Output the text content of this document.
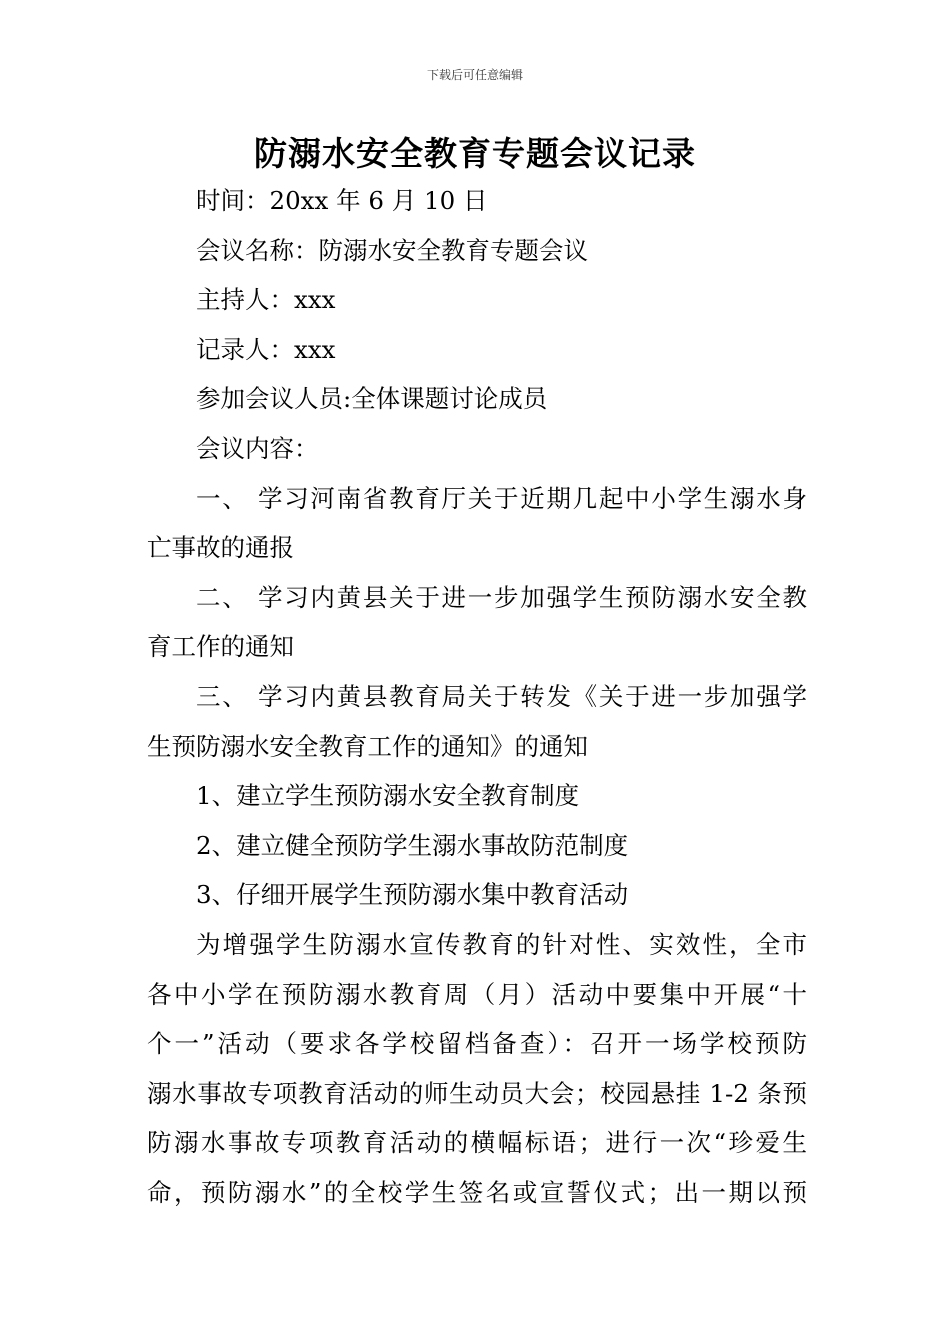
下载后可任意编辑
防溺水安全教育专题会议记录
时间：20xx 年 6 月 10 日
会议名称：防溺水安全教育专题会议
主持人：xxx
记录人：xxx
参加会议人员:全体课题讨论成员
会议内容：
一、 学习河南省教育厅关于近期几起中小学生溺水身
亡事故的通报
二、 学习内黄县关于进一步加强学生预防溺水安全教
育工作的通知
三、 学习内黄县教育局关于转发《关于进一步加强学
生预防溺水安全教育工作的通知》的通知
1、建立学生预防溺水安全教育制度
2、建立健全预防学生溺水事故防范制度
3、仔细开展学生预防溺水集中教育活动
为增强学生防溺水宣传教育的针对性、实效性，全市
各中小学在预防溺水教育周（月）活动中要集中开展“十
个一”活动（要求各学校留档备查）：召开一场学校预防
溺水事故专项教育活动的师生动员大会；校园悬挂 1-2 条预
防溺水事故专项教育活动的横幅标语；进行一次“珍爱生
命，预防溺水”的全校学生签名或宣誓仪式；出一期以预
